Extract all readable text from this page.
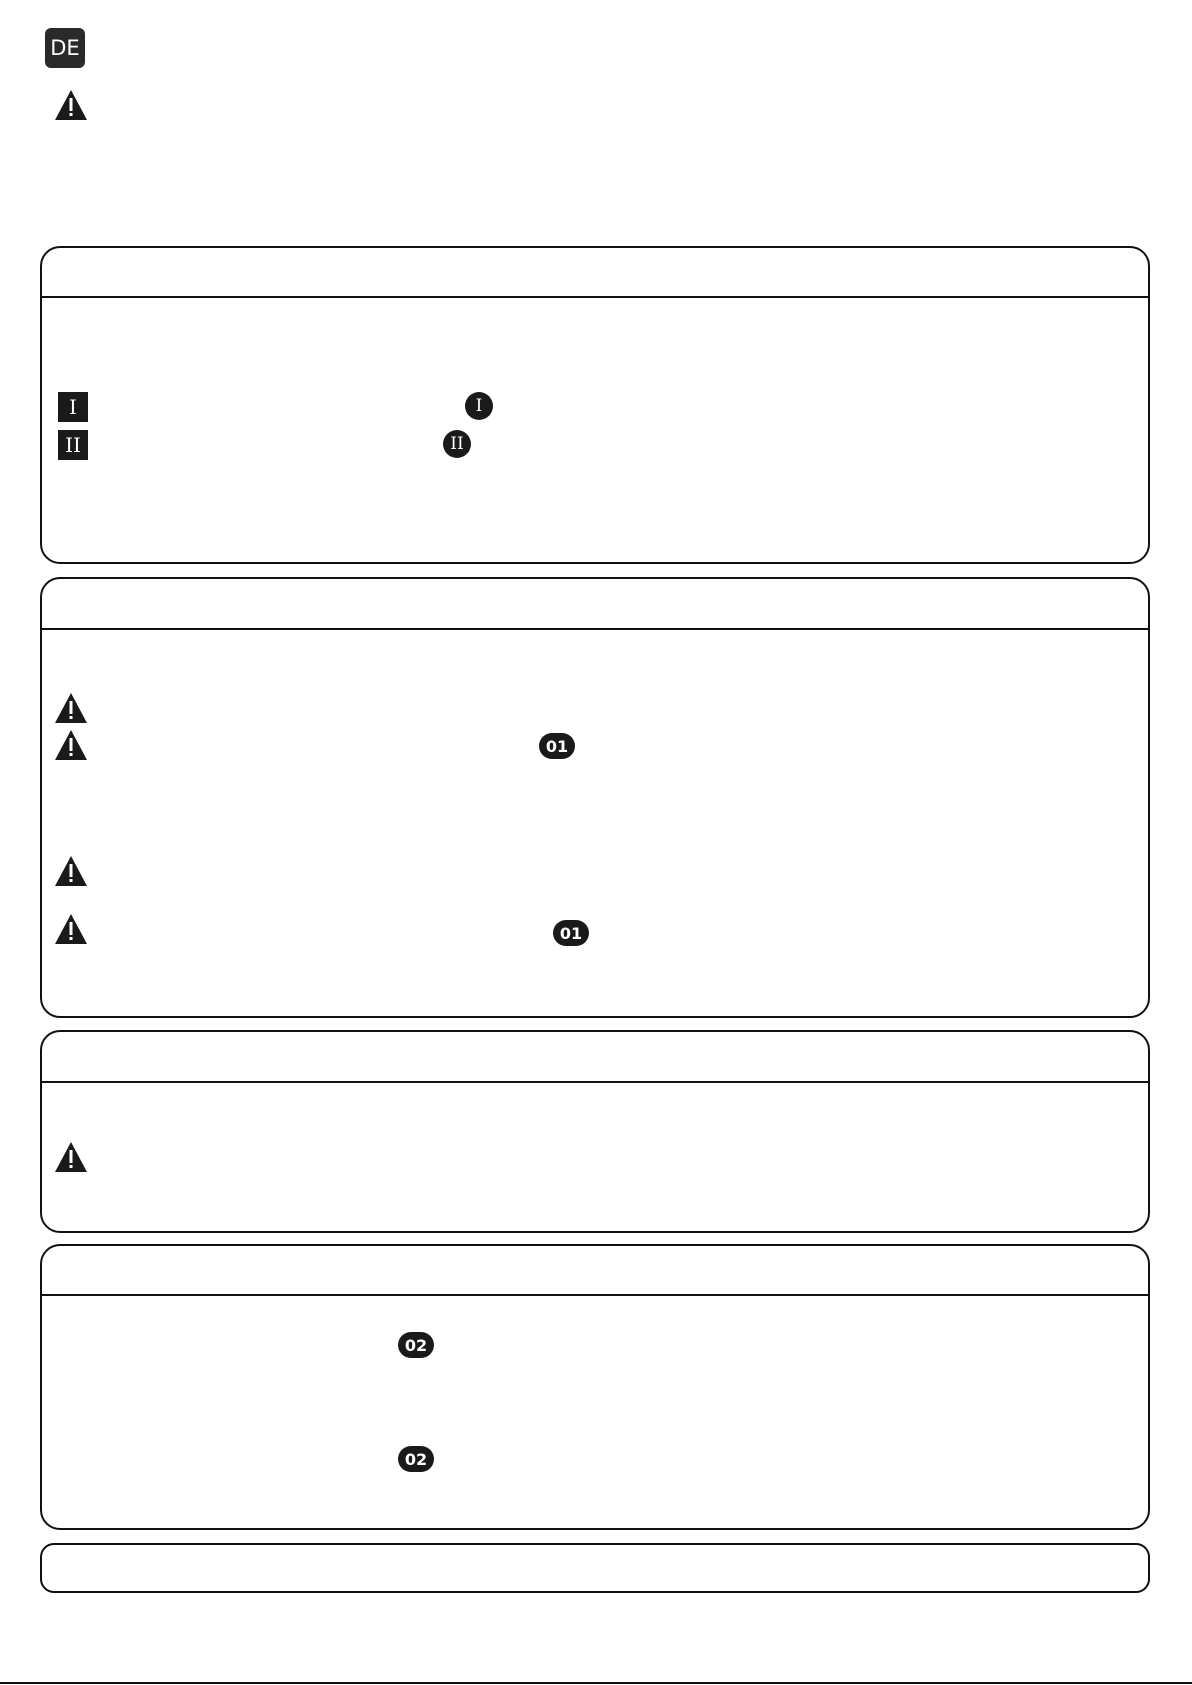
DE
I	I
II	II
01
01
02
02
